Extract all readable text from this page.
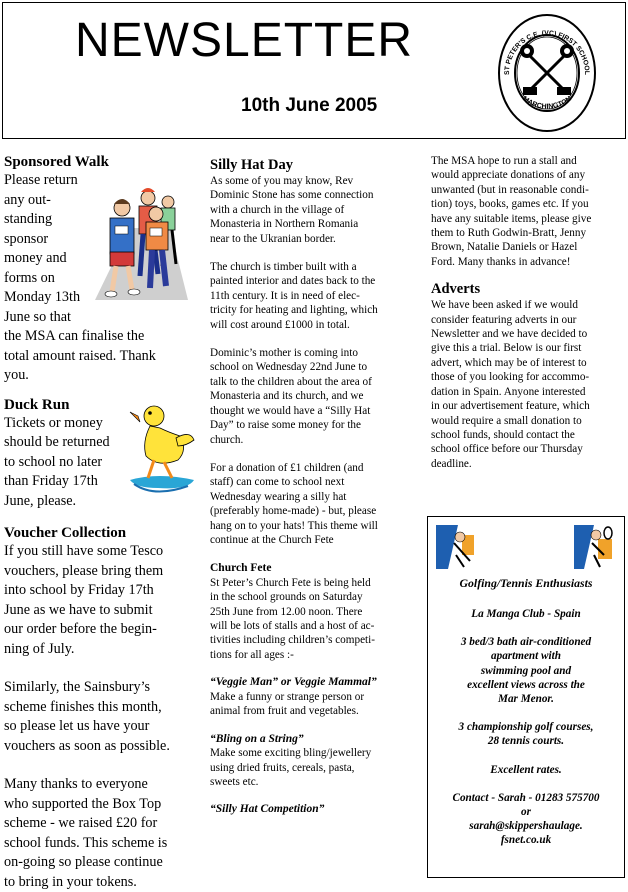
NEWSLETTER
10th June 2005
ST PETER'S C.E. (VC) FIRST SCHOOL
MARCHINGTON
Sponsored Walk

Please return
any out-
standing
sponsor
money and
forms on
Monday 13th
June so that
the MSA can finalise the
total amount raised. Thank
you.

Duck Run

Tickets or money
should be returned
to school no later
than Friday 17th
June, please.

Voucher Collection

If you still have some Tesco
vouchers, please bring them
into school by Friday 17th
June as we have to submit
our order before the begin-
ning of July.

Similarly, the Sainsbury’s
scheme finishes this month,
so please let us have your
vouchers as soon as possible.

Many thanks to everyone
who supported the Box Top
scheme - we raised £20 for
school funds. This scheme is
on-going so please continue
to bring in your tokens.

Silly Hat Day

As some of you may know, Rev
Dominic Stone has some connection
with a church in the village of
Monasteria in Northern Romania
near to the Ukranian border.

The church is timber built with a
painted interior and dates back to the
11th century. It is in need of elec-
tricity for heating and lighting, which
will cost around £1000 in total.

Dominic’s mother is coming into
school on Wednesday 22nd June to
talk to the children about the area of
Monasteria and its church, and we
thought we would have a “Silly Hat
Day” to raise some money for the
church.

For a donation of £1 children (and
staff) can come to school next
Wednesday wearing a silly hat
(preferably home-made) - but, please
hang on to your hats! This theme will
continue at the Church Fete

Church Fete

St Peter’s Church Fete is being held
in the school grounds on Saturday
25th June from 12.00 noon. There
will be lots of stalls and a host of ac-
tivities including children’s competi-
tions for all ages :-

“Veggie Man” or Veggie Mammal”

Make a funny or strange person or
animal from fruit and vegetables.

“Bling on a String”

Make some exciting bling/jewellery
using dried fruits, cereals, pasta,
sweets etc.

“Silly Hat Competition”

The MSA hope to run a stall and
would appreciate donations of any
unwanted (but in reasonable condi-
tion) toys, books, games etc. If you
have any suitable items, please give
them to Ruth Godwin-Bratt, Jenny
Brown, Natalie Daniels or Hazel
Ford. Many thanks in advance!

Adverts

We have been asked if we would
consider featuring adverts in our
Newsletter and we have decided to
give this a trial. Below is our first
advert, which may be of interest to
those of you looking for accommo-
dation in Spain. Anyone interested
in our advertisement feature, which
would require a small donation to
school funds, should contact the
school office before our Thursday
deadline.

Golfing/Tennis Enthusiasts
La Manga Club - Spain
3 bed/3 bath air-conditioned
apartment with
swimming pool and
excellent views across the
Mar Menor.
3 championship golf courses,
28 tennis courts.
Excellent rates.
Contact - Sarah - 01283 575700
or
sarah@skippershaulage.
fsnet.co.uk
